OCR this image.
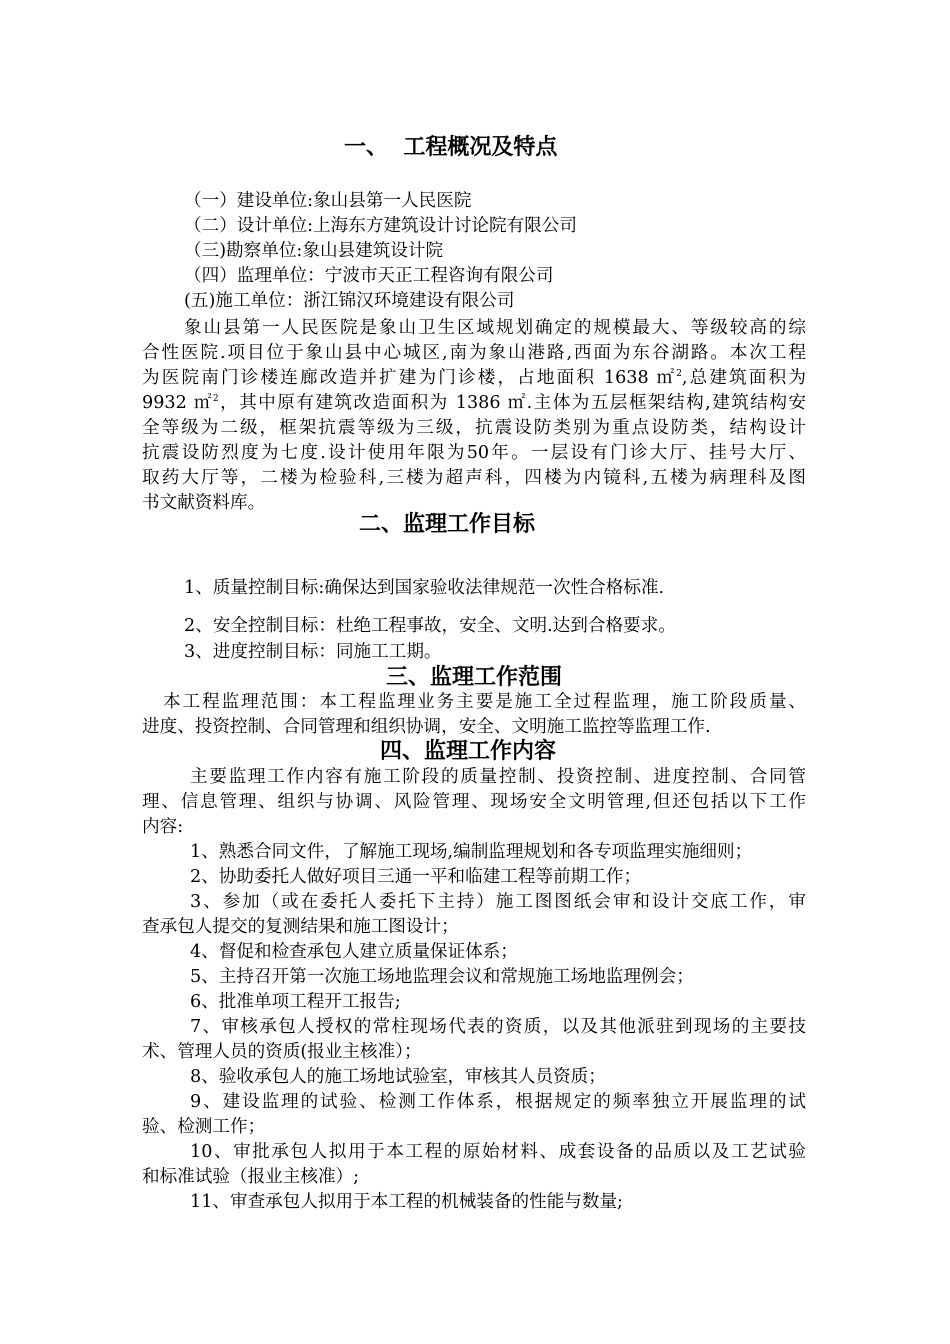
一、  工程概况及特点
（一）建设单位:象山县第一人民医院
（二）设计单位:上海东方建筑设计讨论院有限公司
（三)勘察单位:象山县建筑设计院
（四）监理单位：宁波市天正工程咨询有限公司
(五)施工单位：浙江锦汉环境建设有限公司
象山县第一人民医院是象山卫生区域规划确定的规模最大、等级较高的综
合性医院.项目位于象山县中心城区,南为象山港路,西面为东谷湖路。本次工程
为医院南门诊楼连廊改造并扩建为门诊楼，占地面积 1638 ㎡$^2$,总建筑面积为
9932 ㎡$^2$，其中原有建筑改造面积为 1386 ㎡.主体为五层框架结构,建筑结构安
全等级为二级，框架抗震等级为三级，抗震设防类别为重点设防类，结构设计
抗震设防烈度为七度.设计使用年限为50年。一层设有门诊大厅、挂号大厅、
取药大厅等，二楼为检验科,三楼为超声科，四楼为内镜科,五楼为病理科及图
书文献资料库。
二、监理工作目标
1、质量控制目标:确保达到国家验收法律规范一次性合格标准.
2、安全控制目标：杜绝工程事故，安全、文明.达到合格要求。
3、进度控制目标：同施工工期。
三、监理工作范围
本工程监理范围：本工程监理业务主要是施工全过程监理，施工阶段质量、
进度、投资控制、合同管理和组织协调，安全、文明施工监控等监理工作.
四、监理工作内容
主要监理工作内容有施工阶段的质量控制、投资控制、进度控制、合同管
理、信息管理、组织与协调、风险管理、现场安全文明管理,但还包括以下工作
内容:
1、熟悉合同文件，了解施工现场,编制监理规划和各专项监理实施细则；
2、协助委托人做好项目三通一平和临建工程等前期工作；
3、参加（或在委托人委托下主持）施工图图纸会审和设计交底工作，审
查承包人提交的复测结果和施工图设计；
4、督促和检查承包人建立质量保证体系；
5、主持召开第一次施工场地监理会议和常规施工场地监理例会；
6、批准单项工程开工报告;
7、审核承包人授权的常柱现场代表的资质，以及其他派驻到现场的主要技
术、管理人员的资质(报业主核准）；
8、验收承包人的施工场地试验室，审核其人员资质；
9、建设监理的试验、检测工作体系，根据规定的频率独立开展监理的试
验、检测工作；
10、审批承包人拟用于本工程的原始材料、成套设备的品质以及工艺试验
和标准试验（报业主核准）;
11、审查承包人拟用于本工程的机械装备的性能与数量;
